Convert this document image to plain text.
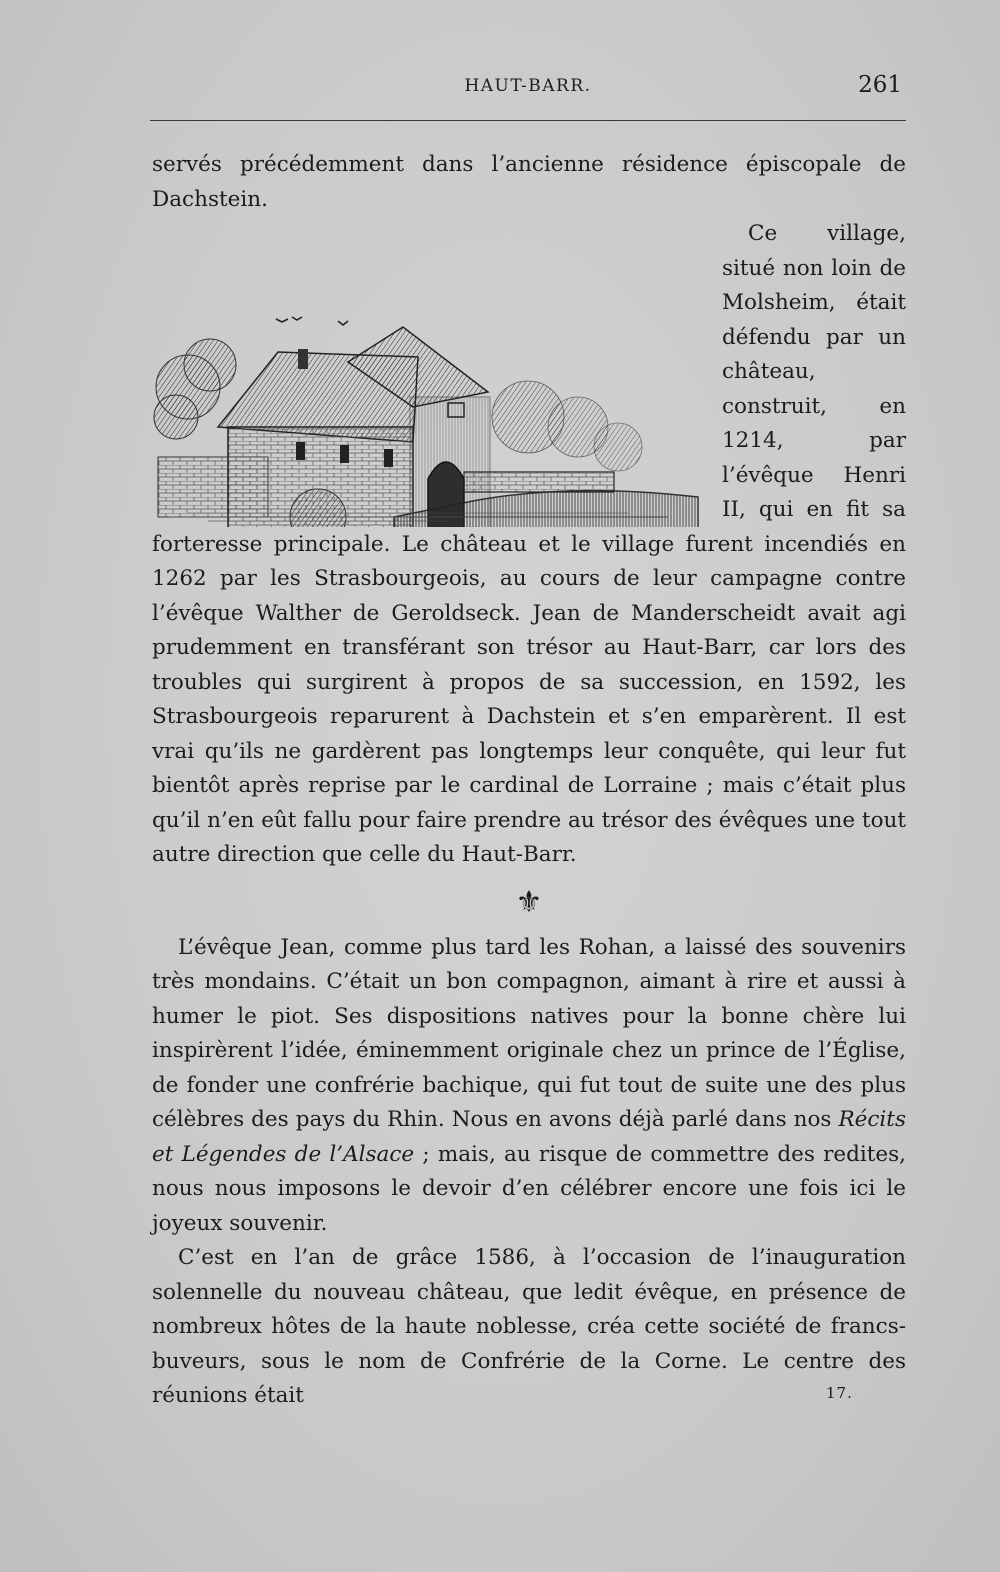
HAUT-BARR.	261

servés précédemment dans l’ancienne résidence épiscopale de Dachstein.

Ce village, situé non loin de Molsheim, était défendu par un château, construit, en 1214, par l’évêque Henri II, qui en fit sa forteresse principale. Le château et le village furent incendiés en 1262 par les Strasbourgeois, au cours de leur campagne contre l’évêque Walther de Geroldseck. Jean de Manderscheidt avait agi prudemment en transférant son trésor au Haut-Barr, car lors des troubles qui surgirent à propos de sa succession, en 1592, les Strasbourgeois reparurent à Dachstein et s’en emparèrent. Il est vrai qu’ils ne gardèrent pas longtemps leur conquête, qui leur fut bientôt après reprise par le cardinal de Lorraine ; mais c’était plus qu’il n’en eût fallu pour faire prendre au trésor des évêques une tout autre direction que celle du Haut-Barr.

⚜

L’évêque Jean, comme plus tard les Rohan, a laissé des souvenirs très mondains. C’était un bon compagnon, aimant à rire et aussi à humer le piot. Ses dispositions natives pour la bonne chère lui inspirèrent l’idée, éminemment originale chez un prince de l’Église, de fonder une confrérie bachique, qui fut tout de suite une des plus célèbres des pays du Rhin. Nous en avons déjà parlé dans nos Récits et Légendes de l’Alsace ; mais, au risque de commettre des redites, nous nous imposons le devoir d’en célébrer encore une fois ici le joyeux souvenir.

C’est en l’an de grâce 1586, à l’occasion de l’inauguration solennelle du nouveau château, que ledit évêque, en présence de nombreux hôtes de la haute noblesse, créa cette société de francs-buveurs, sous le nom de Confrérie de la Corne. Le centre des réunions était	17.
